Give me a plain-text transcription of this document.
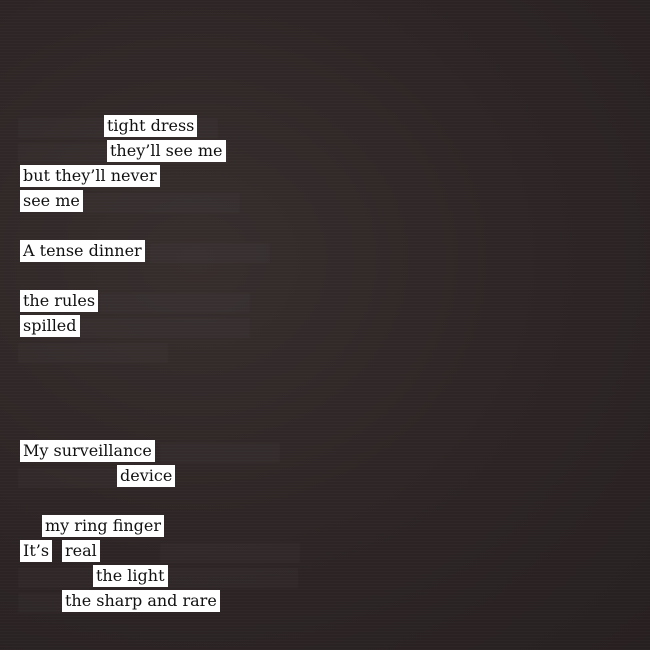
tight dress
they’ll see me
but they’ll never
see me
A tense dinner
the rules
spilled
My surveillance
device
my ring finger
It’s real
the light
the sharp and rare
